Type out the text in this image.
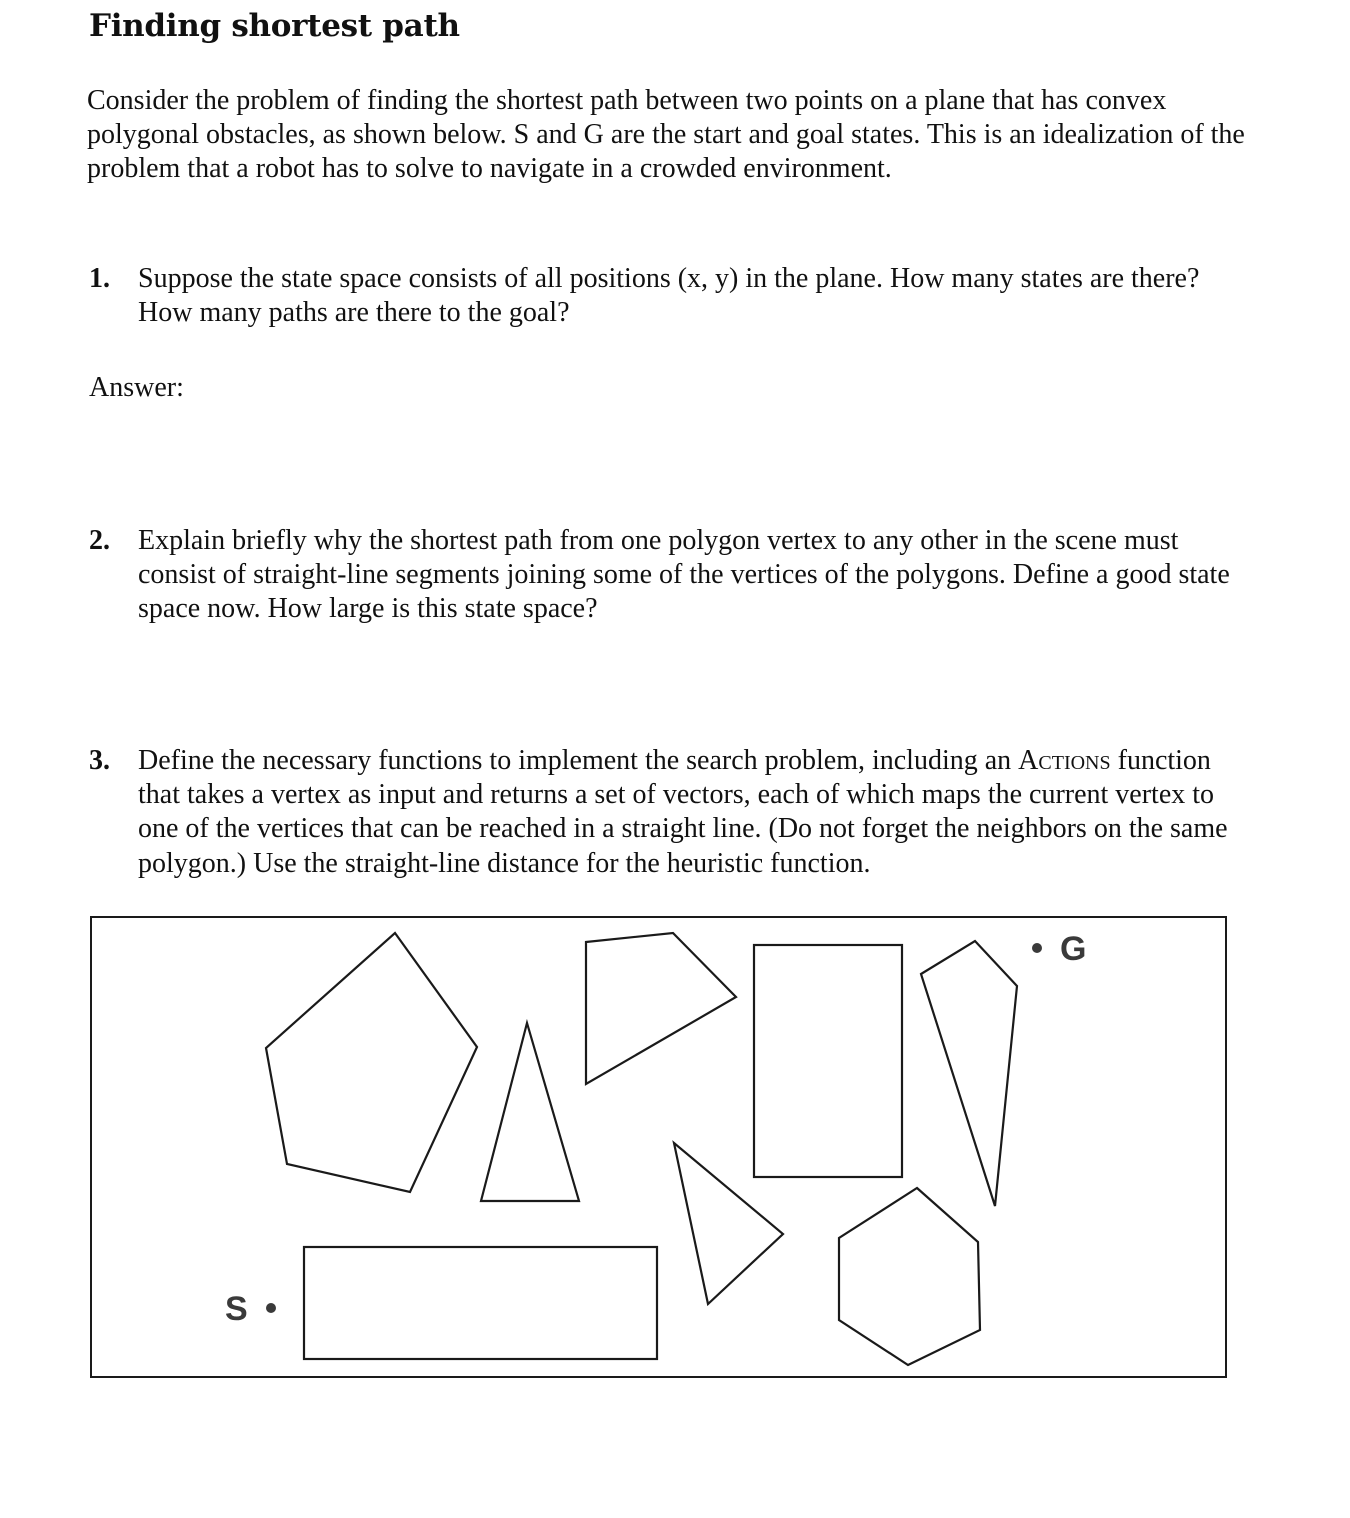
Finding shortest path

Consider the problem of finding the shortest path between two points on a plane that has convex polygonal obstacles, as shown below. S and G are the start and goal states. This is an idealization of the problem that a robot has to solve to navigate in a crowded environment.

1. Suppose the state space consists of all positions (x, y) in the plane. How many states are there? How many paths are there to the goal?

Answer:

2. Explain briefly why the shortest path from one polygon vertex to any other in the scene must consist of straight-line segments joining some of the vertices of the polygons. Define a good state space now. How large is this state space?
3. Define the necessary functions to implement the search problem, including an Actions function that takes a vertex as input and returns a set of vectors, each of which maps the current vertex to one of the vertices that can be reached in a straight line. (Do not forget the neighbors on the same polygon.) Use the straight-line distance for the heuristic function.
S
G
